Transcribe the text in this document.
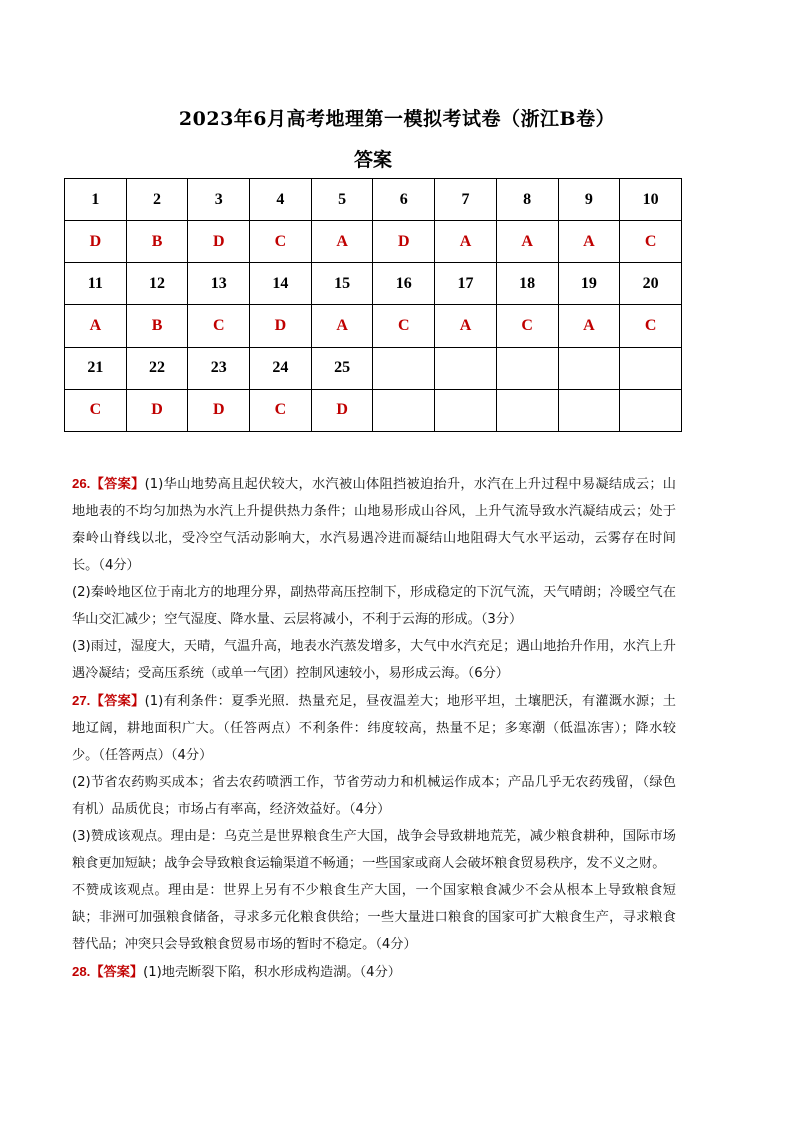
2023年6月高考地理第一模拟考试卷（浙江B卷）
答案
1	2	3	4	5	6	7	8	9	10
D	B	D	C	A	D	A	A	A	C
11	12	13	14	15	16	17	18	19	20
A	B	C	D	A	C	A	C	A	C
21	22	23	24	25					
C	D	D	C	D					

26.【答案】(1)华山地势高且起伏较大，水汽被山体阻挡被迫抬升，水汽在上升过程中易凝结成云；山地地表的不均匀加热为水汽上升提供热力条件；山地易形成山谷风，上升气流导致水汽凝结成云；处于秦岭山脊线以北，受冷空气活动影响大，水汽易遇冷进而凝结山地阻碍大气水平运动，云雾存在时间长。（4分）

(2)秦岭地区位于南北方的地理分界，副热带高压控制下，形成稳定的下沉气流，天气晴朗；冷暖空气在华山交汇减少；空气湿度、降水量、云层将减小，不利于云海的形成。（3分）

(3)雨过，湿度大，天晴，气温升高，地表水汽蒸发增多，大气中水汽充足；遇山地抬升作用，水汽上升遇冷凝结；受高压系统（或单一气团）控制风速较小，易形成云海。（6分）

27.【答案】(1)有利条件：夏季光照．热量充足，昼夜温差大；地形平坦，土壤肥沃，有灌溉水源；土地辽阔，耕地面积广大。（任答两点）不利条件：纬度较高，热量不足；多寒潮（低温冻害）；降水较少。（任答两点）（4分）

(2)节省农药购买成本；省去农药喷洒工作，节省劳动力和机械运作成本；产品几乎无农药残留，（绿色有机）品质优良；市场占有率高，经济效益好。（4分）

(3)赞成该观点。理由是：乌克兰是世界粮食生产大国，战争会导致耕地荒芜，减少粮食耕种，国际市场粮食更加短缺；战争会导致粮食运输渠道不畅通；一些国家或商人会破坏粮食贸易秩序，发不义之财。

不赞成该观点。理由是：世界上另有不少粮食生产大国，一个国家粮食减少不会从根本上导致粮食短缺；非洲可加强粮食储备，寻求多元化粮食供给；一些大量进口粮食的国家可扩大粮食生产，寻求粮食替代品；冲突只会导致粮食贸易市场的暂时不稳定。（4分）

28.【答案】(1)地壳断裂下陷，积水形成构造湖。（4分）
